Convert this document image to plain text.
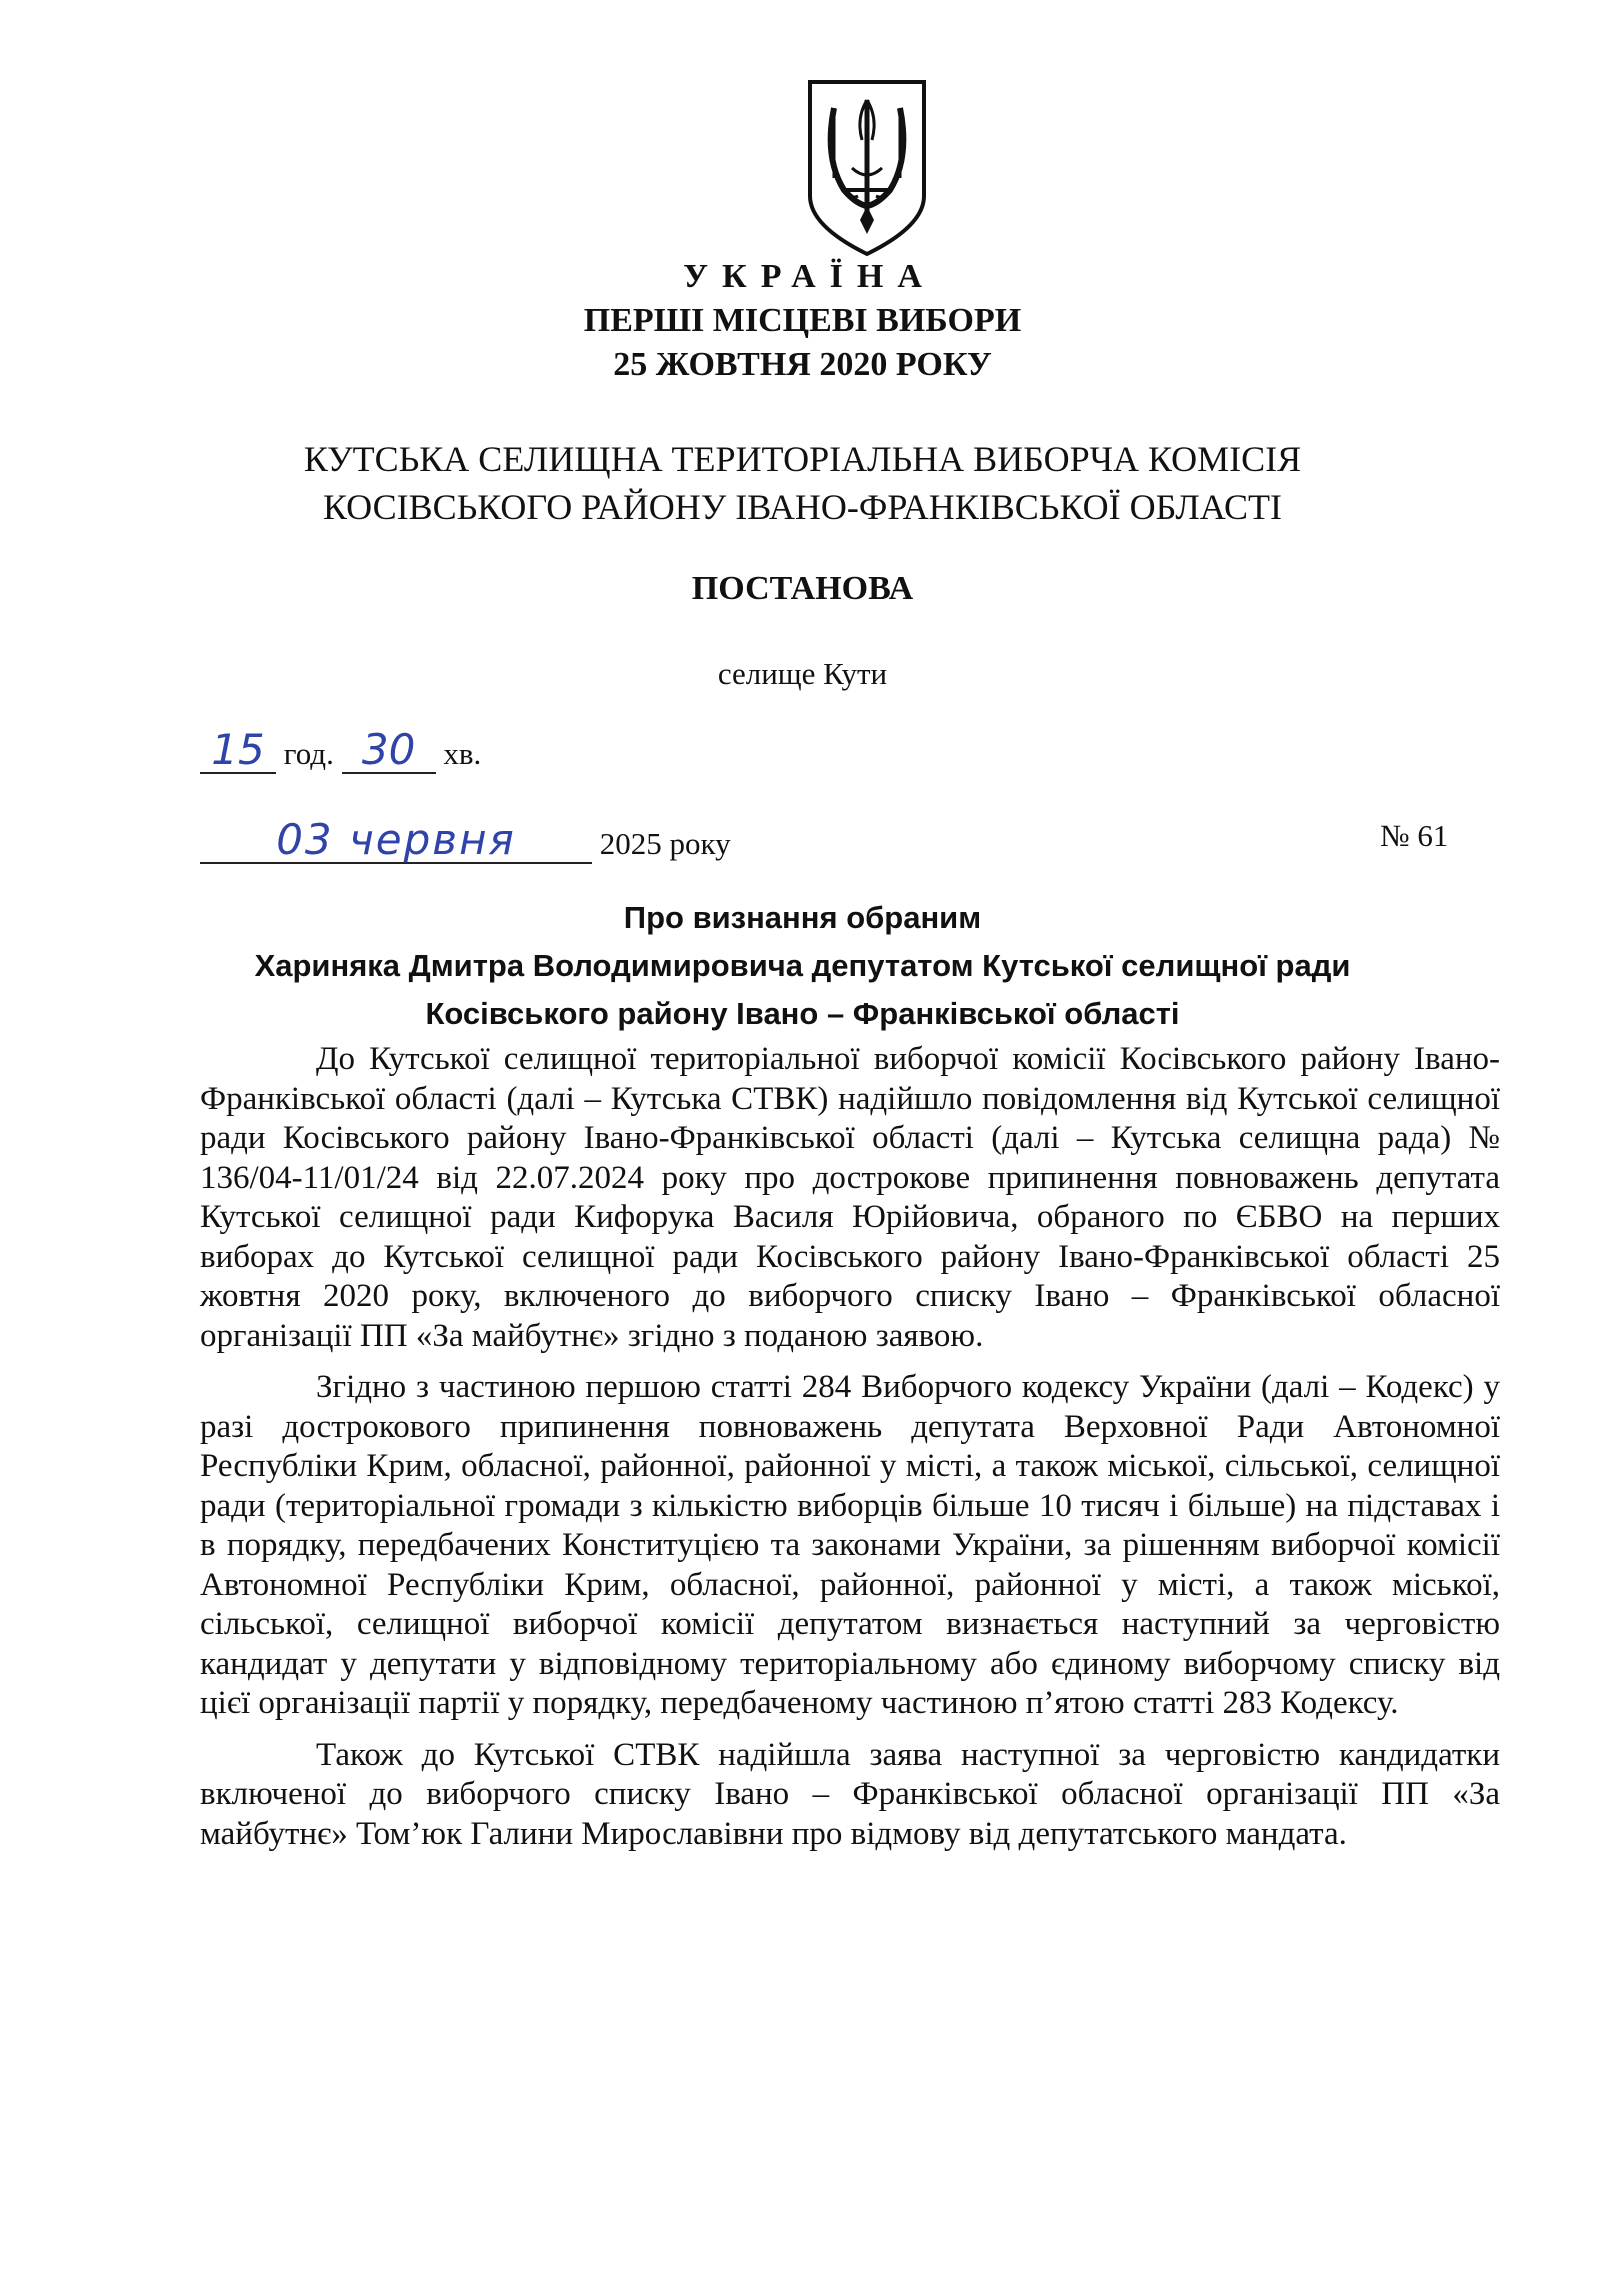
УКРАЇНА
ПЕРШІ МІСЦЕВІ ВИБОРИ
25 ЖОВТНЯ 2020 РОКУ
КУТСЬКА СЕЛИЩНА ТЕРИТОРІАЛЬНА ВИБОРЧА КОМІСІЯ
КОСІВСЬКОГО РАЙОНУ ІВАНО-ФРАНКІВСЬКОЇ ОБЛАСТІ
ПОСТАНОВА
селище Кути
15 год. 30 хв.
03 червня	2025 року	№ 61
Про визнання обраним
Хариняка Дмитра Володимировича депутатом Кутської селищної ради
Косівського району Івано – Франківської області

До Кутської селищної територіальної виборчої комісії Косівського району Івано-Франківської області (далі – Кутська СТВК) надійшло повідомлення від Кутської селищної ради Косівського району Івано-Франківської області (далі – Кутська селищна рада) № 136/04-11/01/24 від 22.07.2024 року про дострокове припинення повноважень депутата Кутської селищної ради Кифорука Василя Юрійовича, обраного по ЄБВО на перших виборах до Кутської селищної ради Косівського району Івано-Франківської області 25 жовтня 2020 року, включеного до виборчого списку Івано – Франківської обласної організації ПП «За майбутнє» згідно з поданою заявою.

Згідно з частиною першою статті 284 Виборчого кодексу України (далі – Кодекс) у разі дострокового припинення повноважень депутата Верховної Ради Автономної Республіки Крим, обласної, районної, районної у місті, а також міської, сільської, селищної ради (територіальної громади з кількістю виборців більше 10 тисяч і більше) на підставах і в порядку, передбачених Конституцією та законами України, за рішенням виборчої комісії Автономної Республіки Крим, обласної, районної, районної у місті, а також міської, сільської, селищної виборчої комісії депутатом визнається наступний за черговістю кандидат у депутати у відповідному територіальному або єдиному виборчому списку від цієї організації партії у порядку, передбаченому частиною п’ятою статті 283 Кодексу.

Також до Кутської СТВК надійшла заява наступної за черговістю кандидатки включеної до виборчого списку Івано – Франківської обласної організації ПП «За майбутнє» Том’юк Галини Мирославівни про відмову від депутатського мандата.
